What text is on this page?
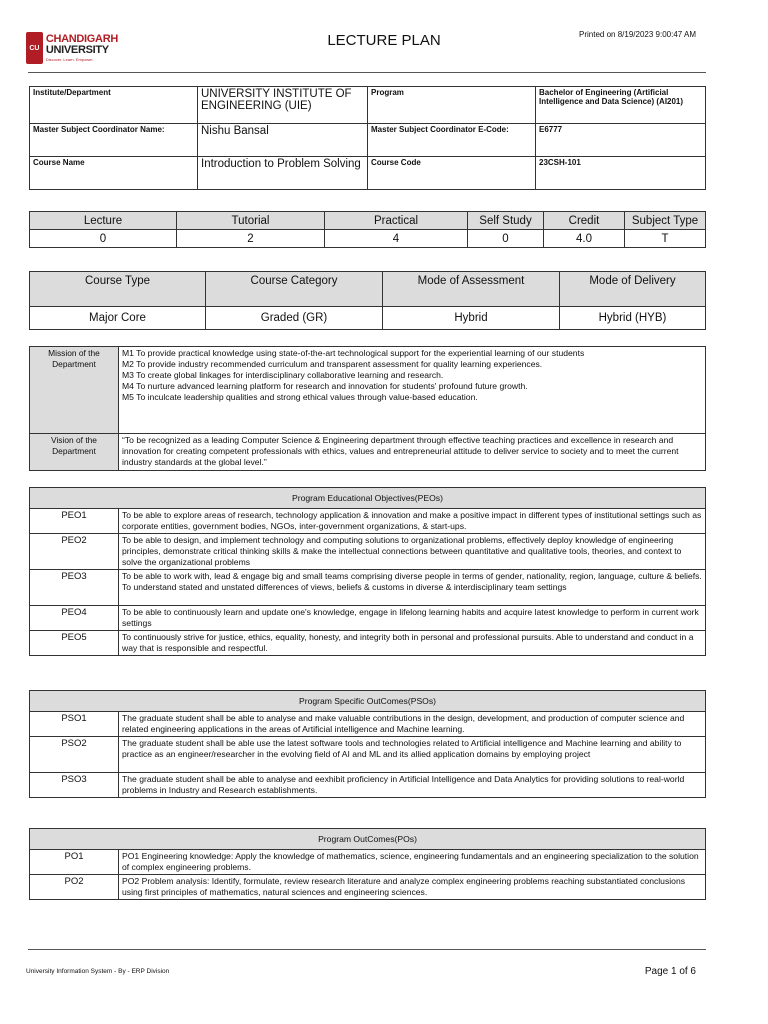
CU
CHANDIGARH
UNIVERSITY
Discover. Learn. Empower.
LECTURE PLAN	Printed on 8/19/2023 9:00:47 AM
Institute/Department	UNIVERSITY INSTITUTE OF ENGINEERING (UIE)	Program	Bachelor of Engineering (Artificial Intelligence and Data Science) (AI201)
Master Subject Coordinator Name:	Nishu Bansal	Master Subject Coordinator E-Code:	E6777
Course Name	Introduction to Problem Solving	Course Code	23CSH-101
Lecture	Tutorial	Practical	Self Study	Credit	Subject Type
0	2	4	0	4.0	T
Course Type	Course Category	Mode of Assessment	Mode of Delivery
Major Core	Graded (GR)	Hybrid	Hybrid (HYB)
Mission of the Department	M1 To provide practical knowledge using state-of-the-art technological support for the experiential learning of our students
M2 To provide industry recommended curriculum and transparent assessment for quality learning experiences.
M3 To create global linkages for interdisciplinary collaborative learning and research.
M4 To nurture advanced learning platform for research and innovation for students' profound future growth.
M5 To inculcate leadership qualities and strong ethical values through value-based education.

Vision of the Department	“To be recognized as a leading Computer Science & Engineering department through effective teaching practices and excellence in research and innovation for creating competent professionals with ethics, values and entrepreneurial attitude to deliver service to society and to meet the current industry standards at the global level.”
Program Educational Objectives(PEOs)	
PEO1	To be able to explore areas of research, technology application & innovation and make a positive impact in different types of institutional settings such as corporate entities, government bodies, NGOs, inter-government organizations, & start-ups.
PEO2	To be able to design, and implement technology and computing solutions to organizational problems, effectively deploy knowledge of engineering principles, demonstrate critical thinking skills & make the intellectual connections between quantitative and qualitative tools, theories, and context to solve the organizational problems
PEO3	To be able to work with, lead & engage big and small teams comprising diverse people in terms of gender, nationality, region, language, culture & beliefs. To understand stated and unstated differences of views, beliefs & customs in diverse & interdisciplinary team settings
PEO4	To be able to continuously learn and update one's knowledge, engage in lifelong learning habits and acquire latest knowledge to perform in current work settings
PEO5	To continuously strive for justice, ethics, equality, honesty, and integrity both in personal and professional pursuits. Able to understand and conduct in a way that is responsible and respectful.
Program Specific OutComes(PSOs)	
PSO1	The graduate student shall be able to analyse and make valuable contributions in the design, development, and production of computer science and related engineering applications in the areas of Artificial intelligence and Machine learning.
PSO2	The graduate student shall be able use the latest software tools and technologies related to Artificial intelligence and Machine learning and ability to practice as an engineer/researcher in the evolving field of AI and ML and its allied application domains by employing project
PSO3	The graduate student shall be able to analyse and eexhibit proficiency in Artificial Intelligence and Data Analytics for providing solutions to real-world problems in Industry and Research establishments.
Program OutComes(POs)	
PO1	PO1 Engineering knowledge: Apply the knowledge of mathematics, science, engineering fundamentals and an engineering specialization to the solution of complex engineering problems.
PO2	PO2 Problem analysis: Identify, formulate, review research literature and analyze complex engineering problems reaching substantiated conclusions using first principles of mathematics, natural sciences and engineering sciences.
University Information System - By - ERP Division	Page 1 of 6
